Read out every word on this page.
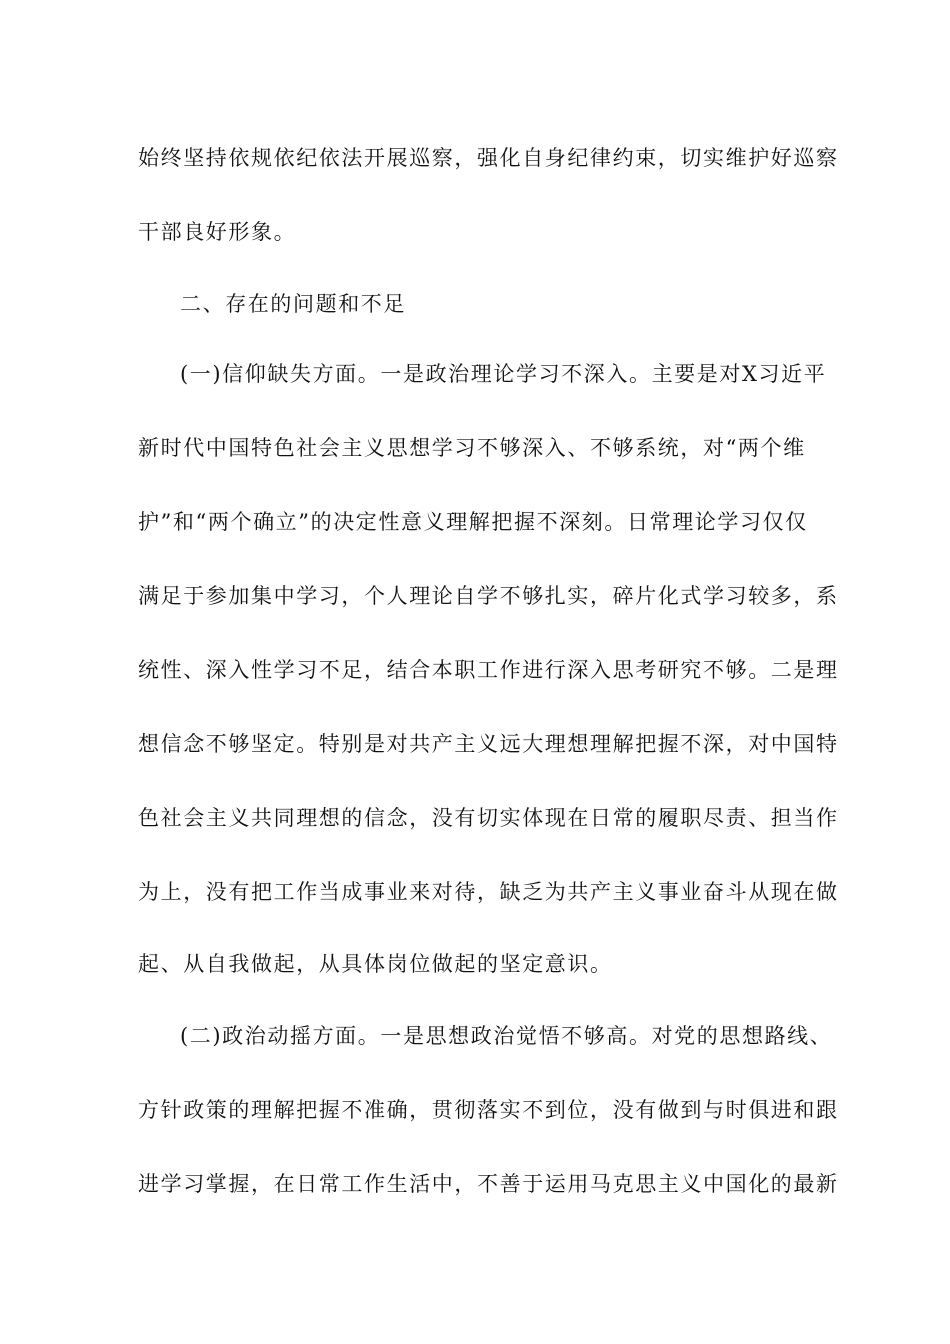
始终坚持依规依纪依法开展巡察，强化自身纪律约束，切实维护好巡察
干部良好形象。
二、存在的问题和不足
(一)信仰缺失方面。一是政治理论学习不深入。主要是对X习近平
新时代中国特色社会主义思想学习不够深入、不够系统，对“两个维
护”和“两个确立”的决定性意义理解把握不深刻。日常理论学习仅仅
满足于参加集中学习，个人理论自学不够扎实，碎片化式学习较多，系
统性、深入性学习不足，结合本职工作进行深入思考研究不够。二是理
想信念不够坚定。特别是对共产主义远大理想理解把握不深，对中国特
色社会主义共同理想的信念，没有切实体现在日常的履职尽责、担当作
为上，没有把工作当成事业来对待，缺乏为共产主义事业奋斗从现在做
起、从自我做起，从具体岗位做起的坚定意识。
(二)政治动摇方面。一是思想政治觉悟不够高。对党的思想路线、
方针政策的理解把握不准确，贯彻落实不到位，没有做到与时俱进和跟
进学习掌握，在日常工作生活中，不善于运用马克思主义中国化的最新
